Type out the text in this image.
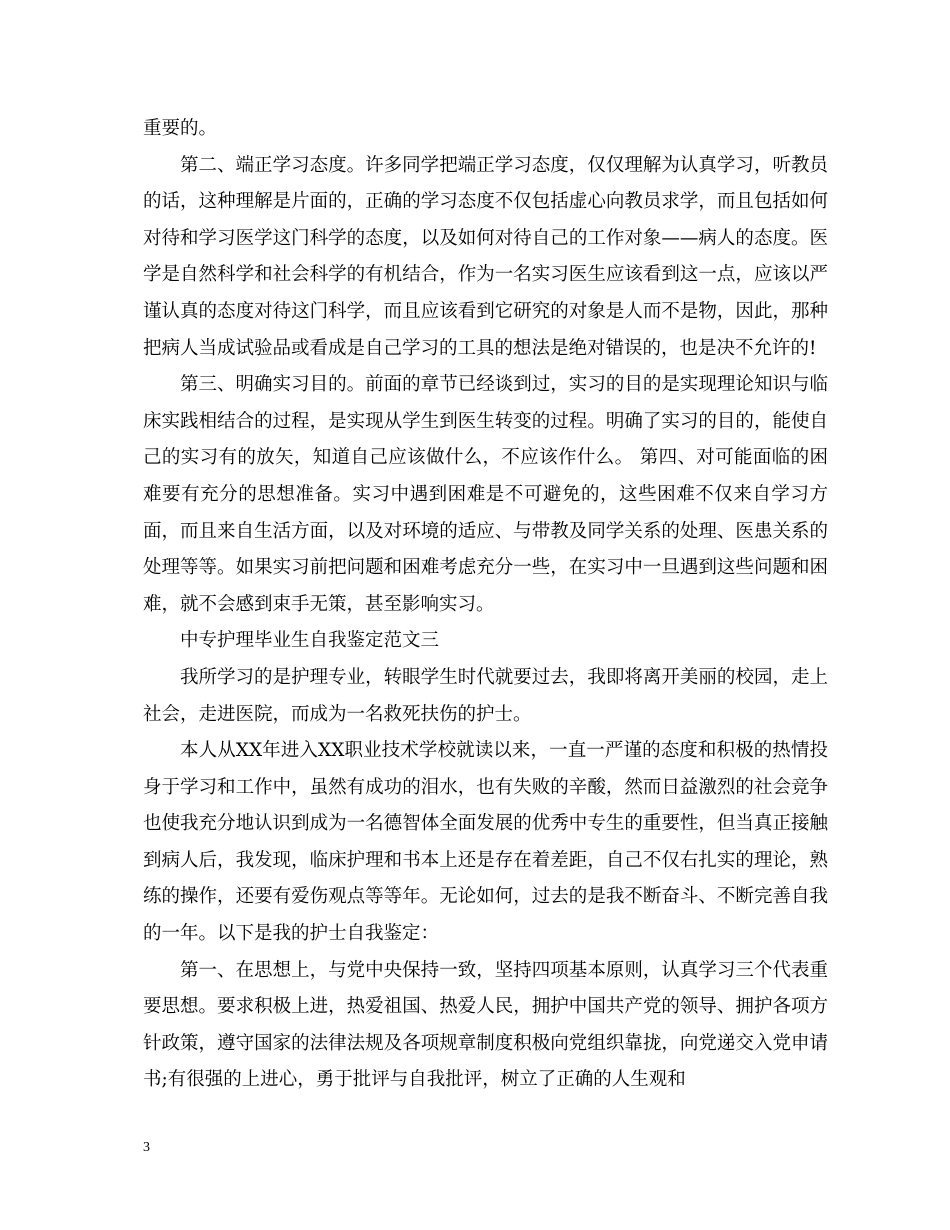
重要的。

第二、端正学习态度。许多同学把端正学习态度，仅仅理解为认真学习，听教员的话，这种理解是片面的，正确的学习态度不仅包括虚心向教员求学，而且包括如何对待和学习医学这门科学的态度，以及如何对待自己的工作对象——病人的态度。医学是自然科学和社会科学的有机结合，作为一名实习医生应该看到这一点，应该以严谨认真的态度对待这门科学，而且应该看到它研究的对象是人而不是物，因此，那种把病人当成试验品或看成是自己学习的工具的想法是绝对错误的，也是决不允许的!

第三、明确实习目的。前面的章节已经谈到过，实习的目的是实现理论知识与临床实践相结合的过程，是实现从学生到医生转变的过程。明确了实习的目的，能使自己的实习有的放矢，知道自己应该做什么，不应该作什么。 第四、对可能面临的困难要有充分的思想准备。实习中遇到困难是不可避免的，这些困难不仅来自学习方面，而且来自生活方面，以及对环境的适应、与带教及同学关系的处理、医患关系的处理等等。如果实习前把问题和困难考虑充分一些，在实习中一旦遇到这些问题和困难，就不会感到束手无策，甚至影响实习。

中专护理毕业生自我鉴定范文三

我所学习的是护理专业，转眼学生时代就要过去，我即将离开美丽的校园，走上社会，走进医院，而成为一名救死扶伤的护士。

本人从XX年进入XX职业技术学校就读以来，一直一严谨的态度和积极的热情投身于学习和工作中，虽然有成功的泪水，也有失败的辛酸，然而日益激烈的社会竞争也使我充分地认识到成为一名德智体全面发展的优秀中专生的重要性，但当真正接触到病人后，我发现，临床护理和书本上还是存在着差距，自己不仅右扎实的理论，熟练的操作，还要有爱伤观点等等年。无论如何，过去的是我不断奋斗、不断完善自我的一年。以下是我的护士自我鉴定：

第一、在思想上，与党中央保持一致，坚持四项基本原则，认真学习三个代表重要思想。要求积极上进，热爱祖国、热爱人民，拥护中国共产党的领导、拥护各项方针政策，遵守国家的法律法规及各项规章制度积极向党组织靠拢，向党递交入党申请书;有很强的上进心，勇于批评与自我批评，树立了正确的人生观和

3
